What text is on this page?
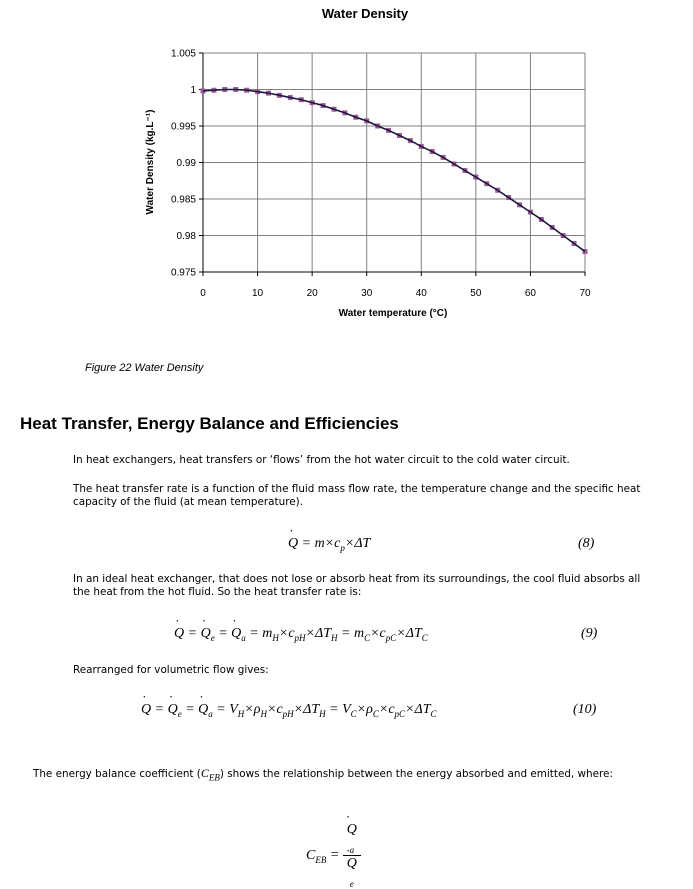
Water Density
0	10	20	30	40	50	60	70
0.975
0.98
0.985
0.99
0.995
1
1.005
Water temperature (°C)
Water Density (kg.L⁻¹)
Figure 22 Water Density
Heat Transfer, Energy Balance and Efficiencies
In heat exchangers, heat transfers or ‘flows’ from the hot water circuit to the cold water circuit.
The heat transfer rate is a function of the fluid mass flow rate, the temperature change and the specific heat capacity of the fluid (at mean temperature).
˙ $Q = m\times c_p\times\Delta T$	(8)
In an ideal heat exchanger, that does not lose or absorb heat from its surroundings, the cool fluid absorbs all the heat from the hot fluid. So the heat transfer rate is:
˙ Q = ˙ $Q_e$ = ˙ $Q_a = m_H\times c_{pH}\times\Delta T_H = m_C\times c_{pC}\times\Delta T_C$	(9)
Rearranged for volumetric flow gives:
˙ Q = ˙ $Q_e$ = ˙ $Q_a = V_H\times\rho_H\times c_{pH}\times\Delta T_H = V_C\times\rho_C\times c_{pC}\times\Delta T_C$	(10)
The energy balance coefficient $(C_{EB})$ shows the relationship between the energy absorbed and emitted, where:
$C_{EB}$ =
˙ Q
$_a$
˙ Q
$_e$
